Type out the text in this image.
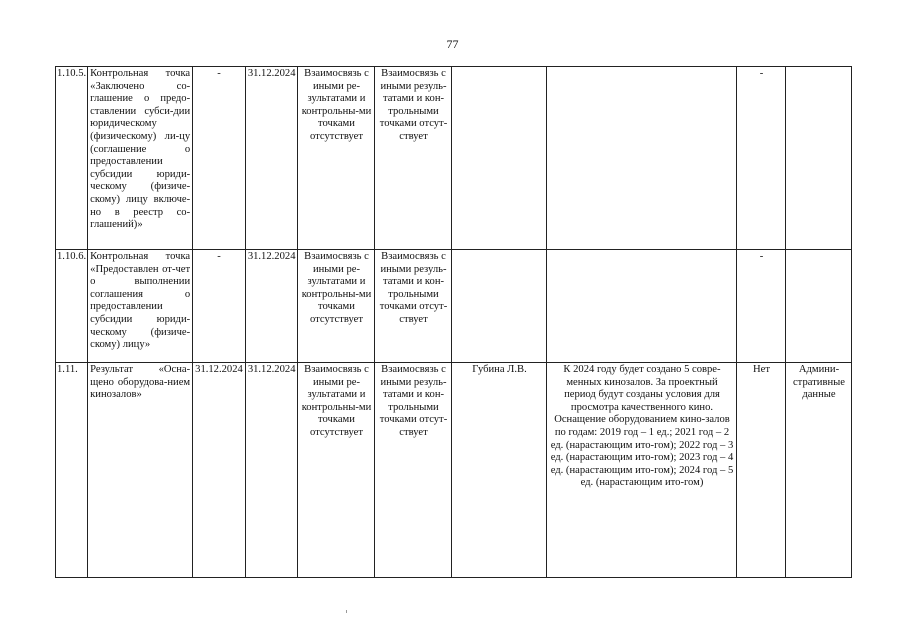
77
1.10.5.	Контрольная точка «Заключено со-глашение о предо-ставлении субси-дии юридическому (физическому) ли-цу (соглашение о предоставлении субсидии юриди-ческому (физиче-скому) лицу включе-но в реестр со-глашений)»	-	31.12.2024	Взаимосвязь с иными ре-зультатами и контрольны-ми точками отсутствует	Взаимосвязь с иными резуль-татами и кон-трольными точками отсут-ствует			-	
1.10.6.	Контрольная точка «Предоставлен от-чет о выполнении соглашения о предоставлении субсидии юриди-ческому (физиче-скому) лицу»	-	31.12.2024	Взаимосвязь с иными ре-зультатами и контрольны-ми точками отсутствует	Взаимосвязь с иными резуль-татами и кон-трольными точками отсут-ствует			-	
1.11.	Результат «Осна-щено оборудова-нием кинозалов»	31.12.2024	31.12.2024	Взаимосвязь с иными ре-зультатами и контрольны-ми точками отсутствует	Взаимосвязь с иными резуль-татами и кон-трольными точками отсут-ствует	Губина Л.В.	К 2024 году будет создано 5 совре-менных кинозалов. За проектный период будут созданы условия для просмотра качественного кино. Оснащение оборудованием кино-залов по годам: 2019 год – 1 ед.; 2021 год – 2 ед. (нарастающим ито-гом); 2022 год – 3 ед. (нарастающим ито-гом); 2023 год – 4 ед. (нарастающим ито-гом); 2024 год – 5 ед. (нарастающим ито-гом)	Нет	Админи-стративные данные
